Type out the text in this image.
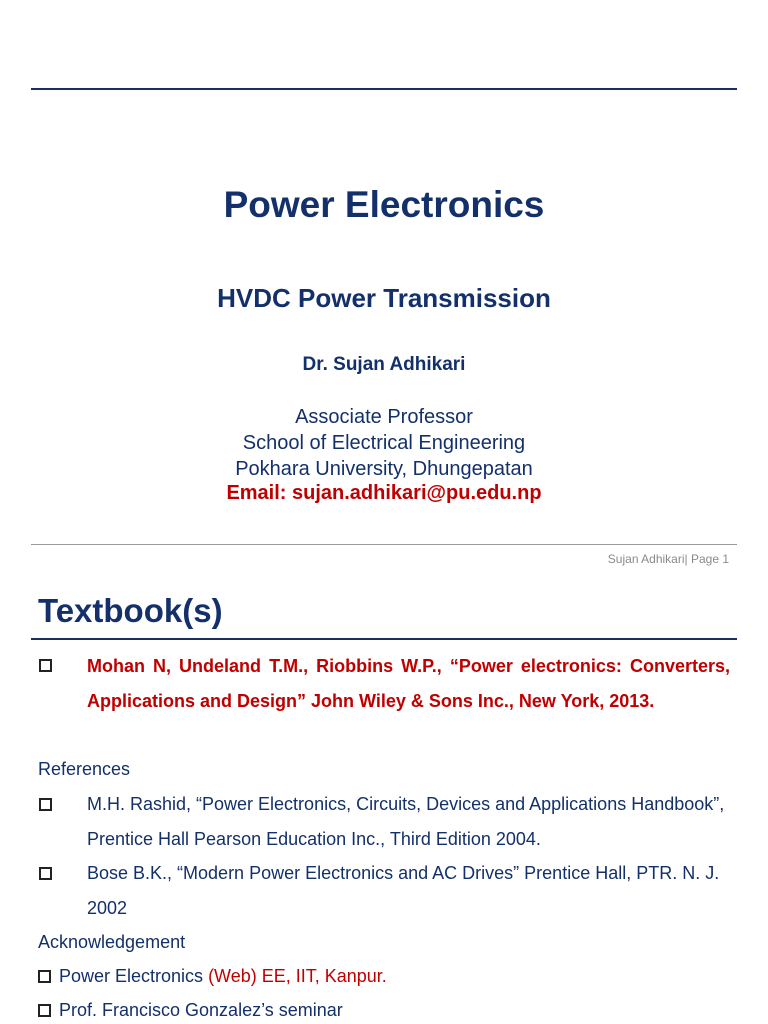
Power Electronics
HVDC Power Transmission
Dr. Sujan Adhikari
Associate Professor
School of Electrical Engineering
Pokhara University, Dhungepatan
Email: sujan.adhikari@pu.edu.np
Sujan Adhikari| Page 1
Textbook(s)
Mohan N, Undeland T.M., Riobbins W.P., “Power electronics: Converters, Applications and Design” John Wiley & Sons Inc., New York, 2013.
References
M.H. Rashid, “Power Electronics, Circuits, Devices and Applications Handbook”, Prentice Hall Pearson Education Inc., Third Edition 2004.
Bose B.K., “Modern Power Electronics and AC Drives” Prentice Hall, PTR. N. J. 2002
Acknowledgement
Power Electronics (Web) EE, IIT, Kanpur.
Prof. Francisco Gonzalez’s seminar
